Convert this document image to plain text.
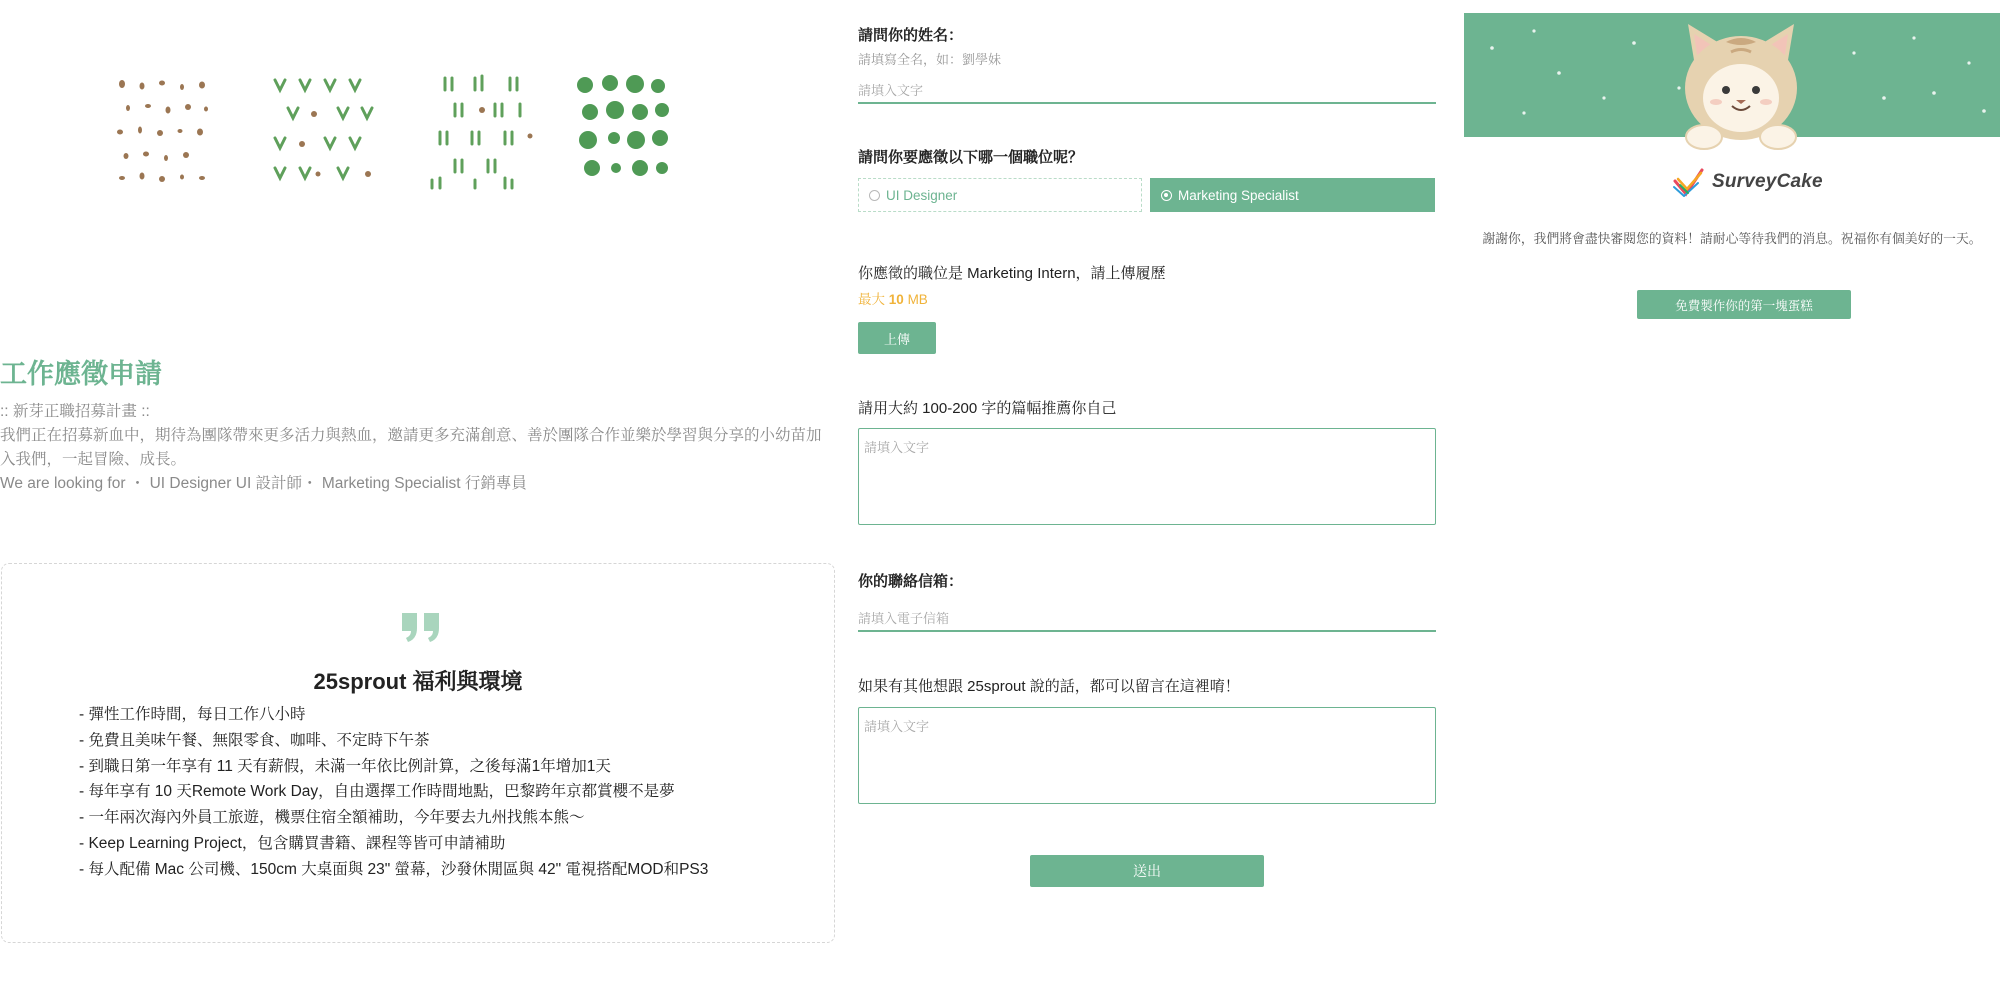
工作應徵申請

:: 新芽正職招募計畫 ::

我們正在招募新血中，期待為團隊帶來更多活力與熱血，邀請更多充滿創意、善於團隊合作並樂於學習與分享的小幼苗加入我們，一起冒險、成長。

We are looking for ・ UI Designer UI 設計師・ Marketing Specialist 行銷專員

25sprout 福利與環境
- 彈性工作時間，每日工作八小時
- 免費且美味午餐、無限零食、咖啡、不定時下午茶
- 到職日第一年享有 11 天有薪假，未滿一年依比例計算，之後每滿1年增加1天
- 每年享有 10 天Remote Work Day，自由選擇工作時間地點，巴黎跨年京都賞櫻不是夢
- 一年兩次海內外員工旅遊，機票住宿全額補助，今年要去九州找熊本熊～
- Keep Learning Project，包含購買書籍、課程等皆可申請補助
- 每人配備 Mac 公司機、150cm 大桌面與 23" 螢幕，沙發休閒區與 42" 電視搭配MOD和PS3
請問你的姓名：
請填寫全名，如：劉學妹
請填入文字
請問你要應徵以下哪一個職位呢？
UI Designer	Marketing Specialist
你應徵的職位是 Marketing Intern，請上傳履歷
最大 10 MB
上傳
請用大約 100-200 字的篇幅推薦你自己
請填入文字
你的聯絡信箱：
請填入電子信箱
如果有其他想跟 25sprout 說的話，都可以留言在這裡唷！
請填入文字
送出
SurveyCake
謝謝你，我們將會盡快審閱您的資料！請耐心等待我們的消息。祝福你有個美好的一天。
免費製作你的第一塊蛋糕
